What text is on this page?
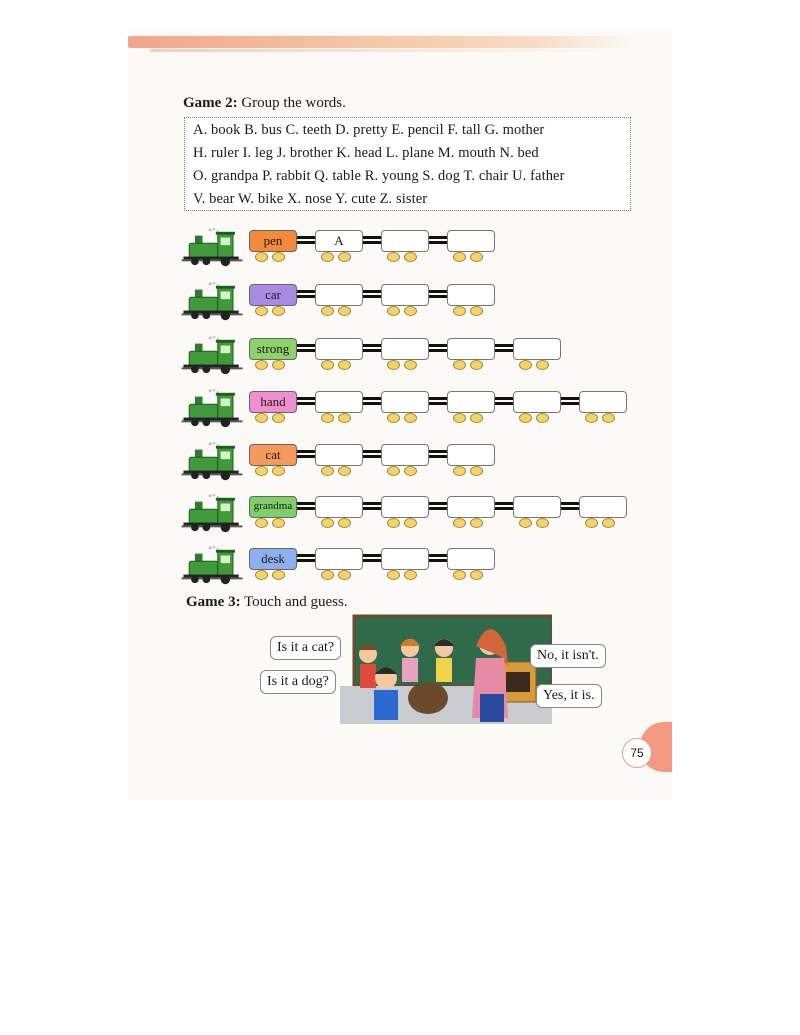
Game 2: Group the words.
A. book B. bus C. teeth D. pretty E. pencil F. tall G. mother
H. ruler I. leg J. brother K. head L. plane M. mouth N. bed
O. grandpa P. rabbit Q. table R. young S. dog T. chair U. father
V. bear W. bike X. nose Y. cute Z. sister
pen	A
car
strong
hand
cat
grandma
desk
Game 3: Touch and guess.
Is it a cat?
Is it a dog?
No, it isn't.
Yes, it is.
75
